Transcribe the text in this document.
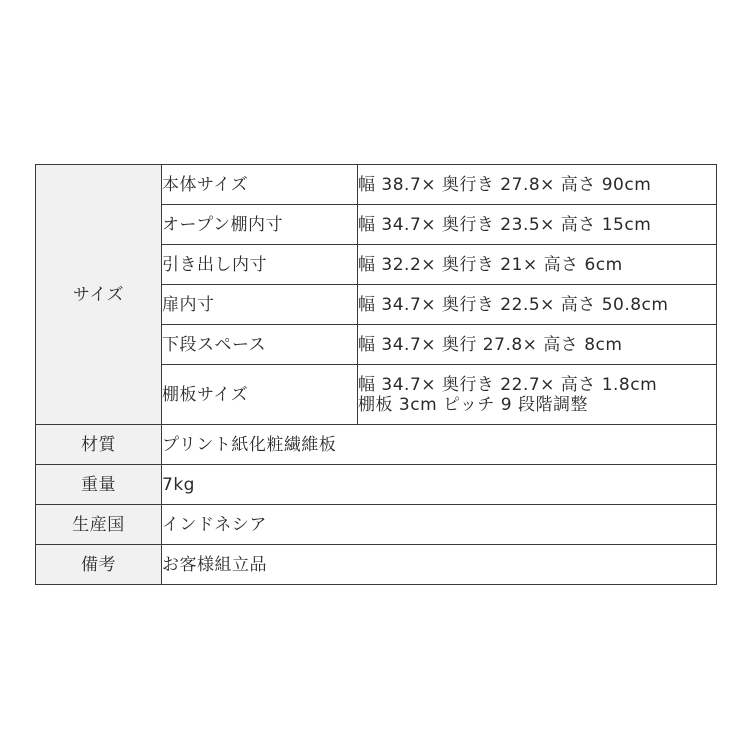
サイズ	本体サイズ	幅 38.7× 奥行き 27.8× 高さ 90cm
	オープン棚内寸	幅 34.7× 奥行き 23.5× 高さ 15cm
	引き出し内寸	幅 32.2× 奥行き 21× 高さ 6cm
	扉内寸	幅 34.7× 奥行き 22.5× 高さ 50.8cm
	下段スペース	幅 34.7× 奥行 27.8× 高さ 8cm
	棚板サイズ	幅 34.7× 奥行き 22.7× 高さ 1.8cm
棚板 3cm ピッチ 9 段階調整

材質	プリント紙化粧繊維板	
重量	7kg	
生産国	インドネシア	
備考	お客様組立品	
